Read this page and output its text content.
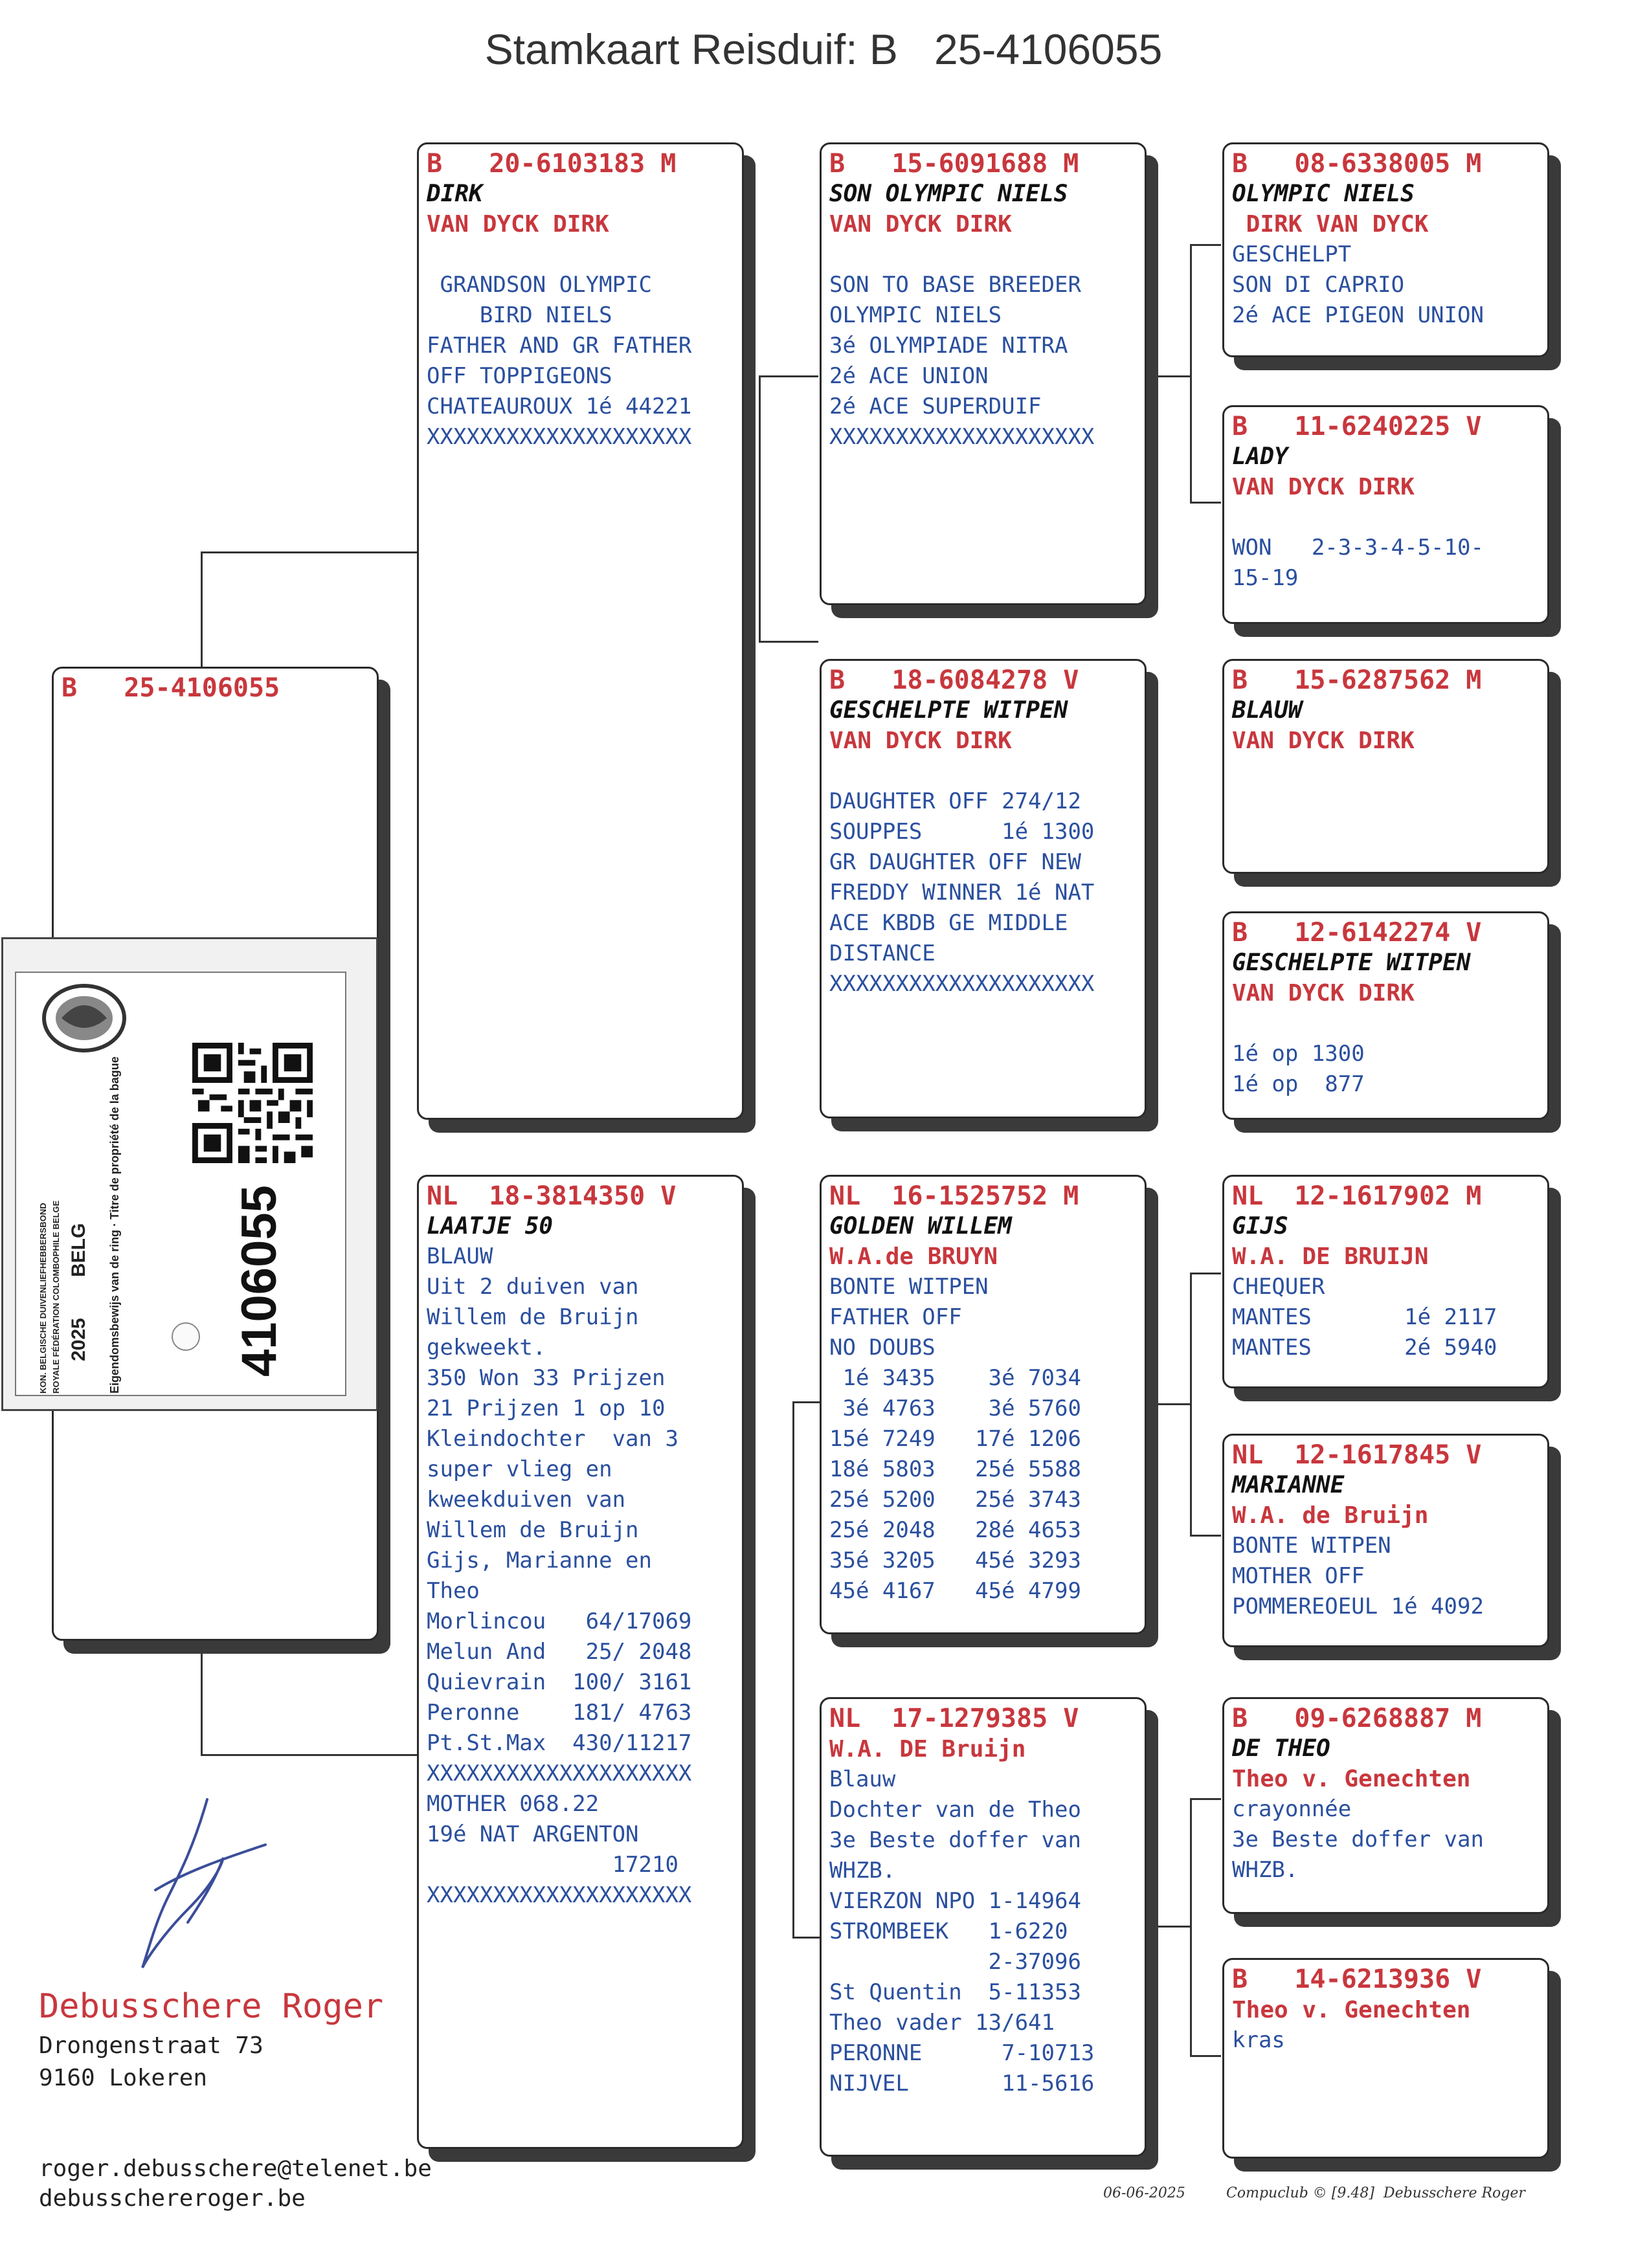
Stamkaart Reisduif: B 25-4106055
B   25-4106055
B   20-6103183 M
DIRK
VAN DYCK DIRK
GRANDSON OLYMPIC
BIRD NIELS
FATHER AND GR FATHER
OFF TOPPIGEONS
CHATEAUROUX 1é 44221
XXXXXXXXXXXXXXXXXXXX
NL  18-3814350 V
LAATJE 50
BLAUW
Uit 2 duiven van
Willem de Bruijn
gekweekt.
350 Won 33 Prijzen
21 Prijzen 1 op 10
Kleindochter  van 3
super vlieg en
kweekduiven van
Willem de Bruijn
Gijs, Marianne en
Theo
Morlincou   64/17069
Melun And   25/ 2048
Quievrain  100/ 3161
Peronne    181/ 4763
Pt.St.Max  430/11217
XXXXXXXXXXXXXXXXXXXX
MOTHER 068.22
19é NAT ARGENTON
17210
XXXXXXXXXXXXXXXXXXXX
B   15-6091688 M
SON OLYMPIC NIELS
VAN DYCK DIRK
SON TO BASE BREEDER
OLYMPIC NIELS
3é OLYMPIADE NITRA
2é ACE UNION
2é ACE SUPERDUIF
XXXXXXXXXXXXXXXXXXXX
B   18-6084278 V
GESCHELPTE WITPEN
VAN DYCK DIRK
DAUGHTER OFF 274/12
SOUPPES      1é 1300
GR DAUGHTER OFF NEW
FREDDY WINNER 1é NAT
ACE KBDB GE MIDDLE
DISTANCE
XXXXXXXXXXXXXXXXXXXX
NL  16-1525752 M
GOLDEN WILLEM
W.A.de BRUYN
BONTE WITPEN
FATHER OFF
NO DOUBS
1é 3435    3é 7034
3é 4763    3é 5760
15é 7249   17é 1206
18é 5803   25é 5588
25é 5200   25é 3743
25é 2048   28é 4653
35é 3205   45é 3293
45é 4167   45é 4799
NL  17-1279385 V
W.A. DE Bruijn
Blauw
Dochter van de Theo
3e Beste doffer van
WHZB.
VIERZON NPO 1-14964
STROMBEEK   1-6220
2-37096
St Quentin  5-11353
Theo vader 13/641
PERONNE      7-10713
NIJVEL       11-5616
B   08-6338005 M
OLYMPIC NIELS
DIRK VAN DYCK
GESCHELPT
SON DI CAPRIO
2é ACE PIGEON UNION
B   11-6240225 V
LADY
VAN DYCK DIRK
WON   2-3-3-4-5-10-
15-19
B   15-6287562 M
BLAUW
VAN DYCK DIRK
B   12-6142274 V
GESCHELPTE WITPEN
VAN DYCK DIRK
1é op 1300
1é op  877
NL  12-1617902 M
GIJS
W.A. DE BRUIJN
CHEQUER
MANTES       1é 2117
MANTES       2é 5940
NL  12-1617845 V
MARIANNE
W.A. de Bruijn
BONTE WITPEN
MOTHER OFF
POMMEREOEUL 1é 4092
B   09-6268887 M
DE THEO
Theo v. Genechten
crayonnée
3e Beste doffer van
WHZB.
B   14-6213936 V
Theo v. Genechten
kras
KON. BELGISCHE DUIVENLIEFHEBBERSBOND ROYALE FÉDÉRATION COLOMBOPHILE BELGE 2025
BELG Eigendomsbewijs van de ring · Titre de propriété de la bague 4106055
Debusschere Roger
Drongenstraat 73
9160 Lokeren
roger.debusschere@telenet.be
debusschereroger.be	06-06-2025	Compuclub © [9.48]  Debusschere Roger
